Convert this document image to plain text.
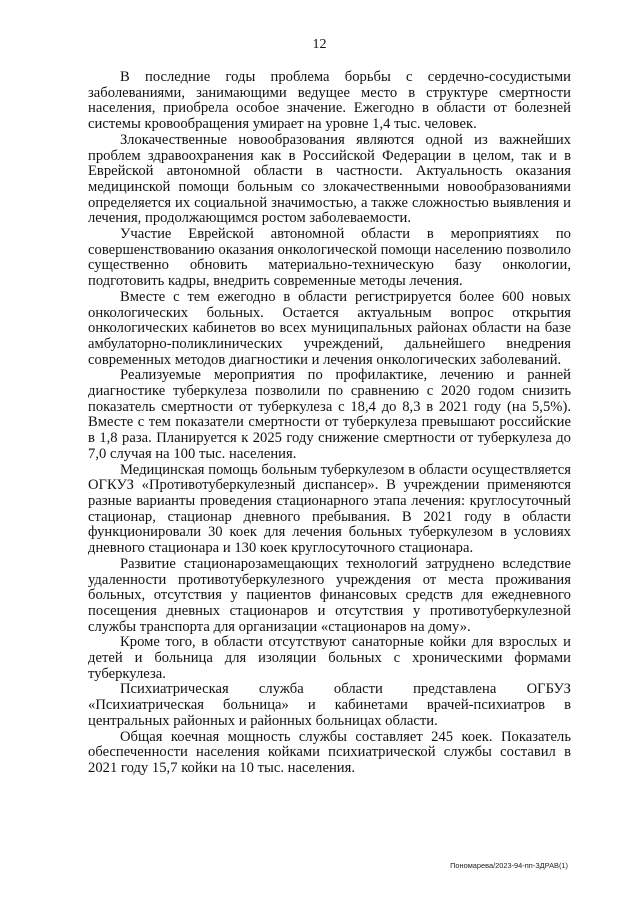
12

В последние годы проблема борьбы с сердечно-сосудистыми заболеваниями, занимающими ведущее место в структуре смертности населения, приобрела особое значение. Ежегодно в области от болезней системы кровообращения умирает на уровне 1,4 тыс. человек.

Злокачественные новообразования являются одной из важнейших проблем здравоохранения как в Российской Федерации в целом, так и в Еврейской автономной области в частности. Актуальность оказания медицинской помощи больным со злокачественными новообразованиями определяется их социальной значимостью, а также сложностью выявления и лечения, продолжающимся ростом заболеваемости.

Участие Еврейской автономной области в мероприятиях по совершенствованию оказания онкологической помощи населению позволило существенно обновить материально-техническую базу онкологии, подготовить кадры, внедрить современные методы лечения.

Вместе с тем ежегодно в области регистрируется более 600 новых онкологических больных. Остается актуальным вопрос открытия онкологических кабинетов во всех муниципальных районах области на базе амбулаторно-поликлинических учреждений, дальнейшего внедрения современных методов диагностики и лечения онкологических заболеваний.

Реализуемые мероприятия по профилактике, лечению и ранней диагностике туберкулеза позволили по сравнению с 2020 годом снизить показатель смертности от туберкулеза с 18,4 до 8,3 в 2021 году (на 5,5%). Вместе с тем показатели смертности от туберкулеза превышают российские в 1,8 раза. Планируется к 2025 году снижение смертности от туберкулеза до 7,0 случая на 100 тыс. населения.

Медицинская помощь больным туберкулезом в области осуществляется ОГКУЗ «Противотуберкулезный диспансер». В учреждении применяются разные варианты проведения стационарного этапа лечения: круглосуточный стационар, стационар дневного пребывания. В 2021 году в области функционировали 30 коек для лечения больных туберкулезом в условиях дневного стационара и 130 коек круглосуточного стационара.

Развитие стационарозамещающих технологий затруднено вследствие удаленности противотуберкулезного учреждения от места проживания больных, отсутствия у пациентов финансовых средств для ежедневного посещения дневных стационаров и отсутствия у противотуберкулезной службы транспорта для организации «стационаров на дому».

Кроме того, в области отсутствуют санаторные койки для взрослых и детей и больница для изоляции больных с хроническими формами туберкулеза.

Психиатрическая служба области представлена ОГБУЗ «Психиатрическая больница» и кабинетами врачей-психиатров в центральных районных и районных больницах области.

Общая коечная мощность службы составляет 245 коек. Показатель обеспеченности населения койками психиатрической службы составил в 2021 году 15,7 койки на 10 тыс. населения.

Пономарева/2023-94-пп-ЗДРАВ(1)
